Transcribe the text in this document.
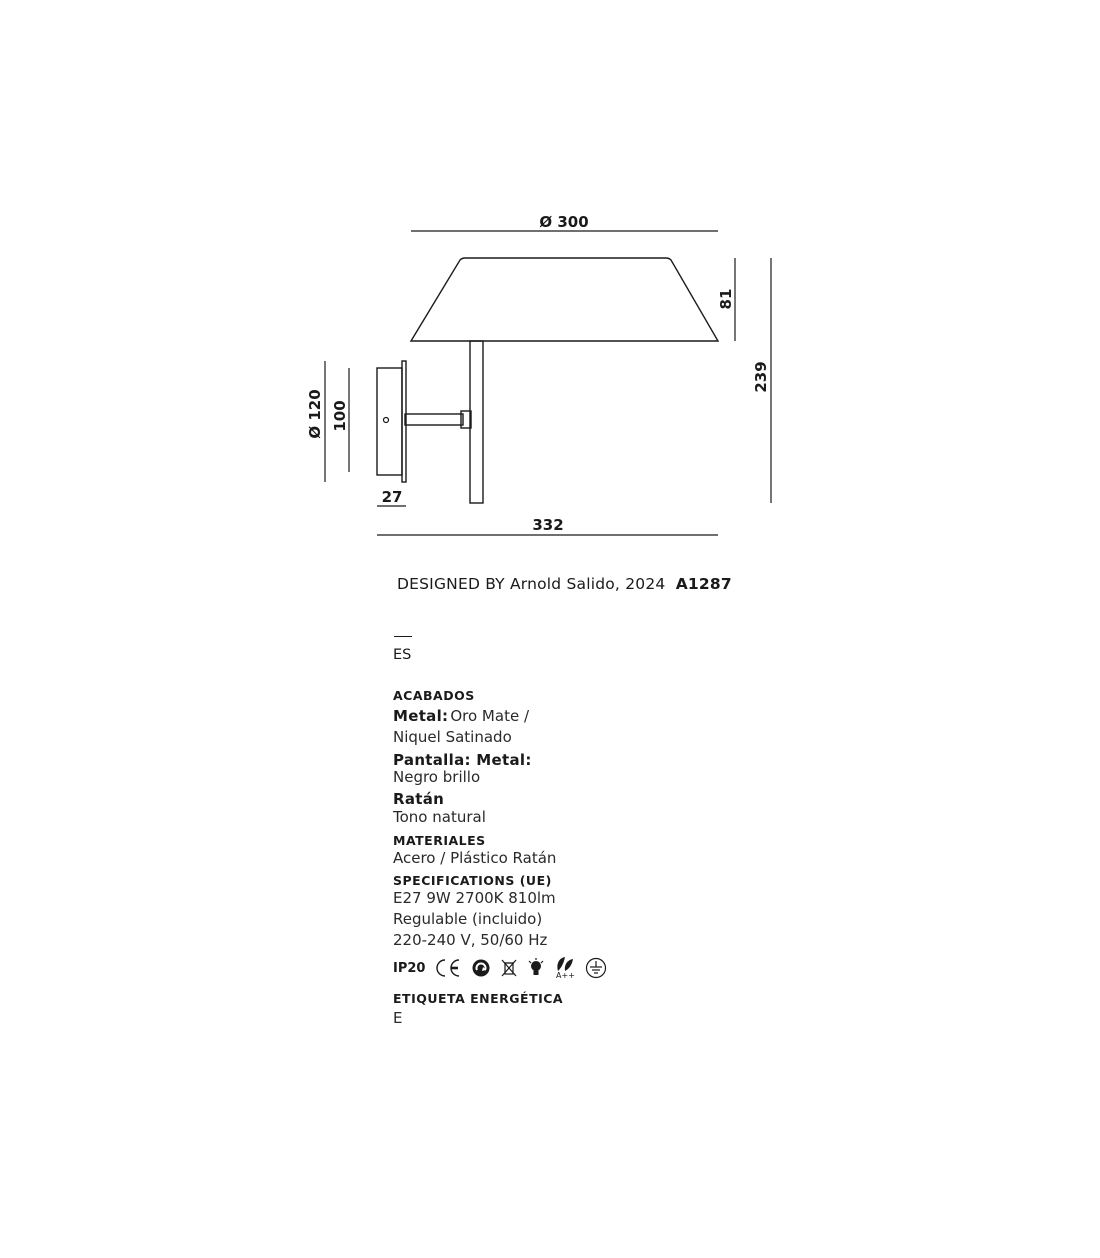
Ø 300
81
239
Ø 120 100
27
332
DESIGNED BY Arnold Salido, 2024 A1287
ES
ACABADOS
Metal: Oro Mate /
Niquel Satinado
Pantalla: Metal:
Negro brillo
Ratán
Tono natural
MATERIALES
Acero / Plástico Ratán
SPECIFICATIONS (UE)
E27 9W 2700K 810lm
Regulable (incluido)
220-240 V, 50/60 Hz
IP20	A++
ETIQUETA ENERGÉTICA
E
